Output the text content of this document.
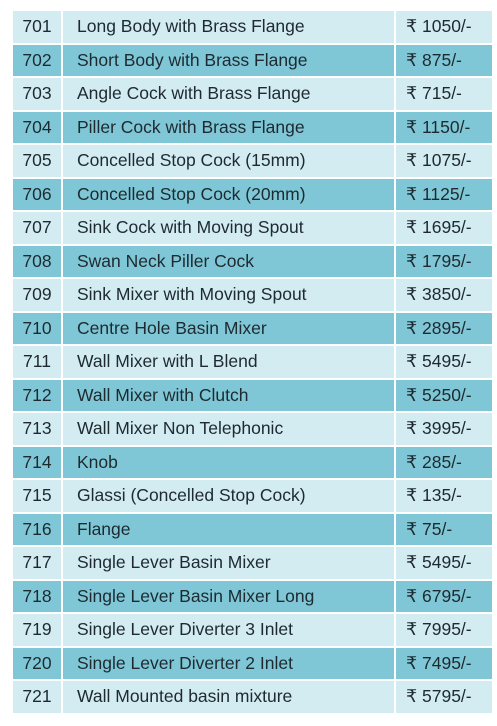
701	Long Body with Brass Flange	₹ 1050/-
702	Short Body with Brass Flange	₹ 875/-
703	Angle Cock with Brass Flange	₹ 715/-
704	Piller Cock with Brass Flange	₹ 1150/-
705	Concelled Stop Cock (15mm)	₹ 1075/-
706	Concelled Stop Cock (20mm)	₹ 1125/-
707	Sink Cock with Moving Spout	₹ 1695/-
708	Swan Neck Piller Cock	₹ 1795/-
709	Sink Mixer with Moving Spout	₹ 3850/-
710	Centre Hole Basin Mixer	₹ 2895/-
711	Wall Mixer with L Blend	₹ 5495/-
712	Wall Mixer with Clutch	₹ 5250/-
713	Wall Mixer Non Telephonic	₹ 3995/-
714	Knob	₹ 285/-
715	Glassi (Concelled Stop Cock)	₹ 135/-
716	Flange	₹ 75/-
717	Single Lever Basin Mixer	₹ 5495/-
718	Single Lever Basin Mixer Long	₹ 6795/-
719	Single Lever Diverter 3 Inlet	₹ 7995/-
720	Single Lever Diverter 2 Inlet	₹ 7495/-
721	Wall Mounted basin mixture	₹ 5795/-
